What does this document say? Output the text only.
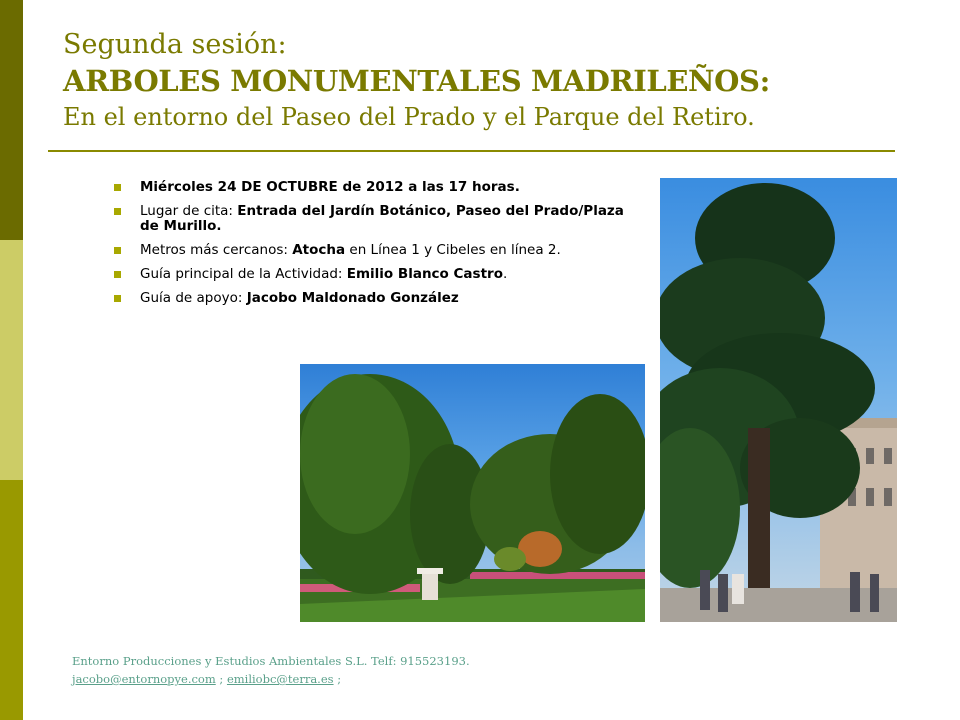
Segunda sesión:
ARBOLES MONUMENTALES MADRILEÑOS:
En el entorno del Paseo del Prado y el Parque del Retiro.
Miércoles 24 DE OCTUBRE de 2012 a las 17 horas.
Lugar de cita: Entrada del Jardín Botánico, Paseo del Prado/Plaza de Murillo.
Metros más cercanos: Atocha en Línea 1 y Cibeles en línea 2.
Guía principal de la Actividad: Emilio Blanco Castro.
Guía de apoyo: Jacobo Maldonado González
Entorno Producciones y Estudios Ambientales S.L. Telf: 915523193.
jacobo@entornopye.com ; emiliobc@terra.es ;
